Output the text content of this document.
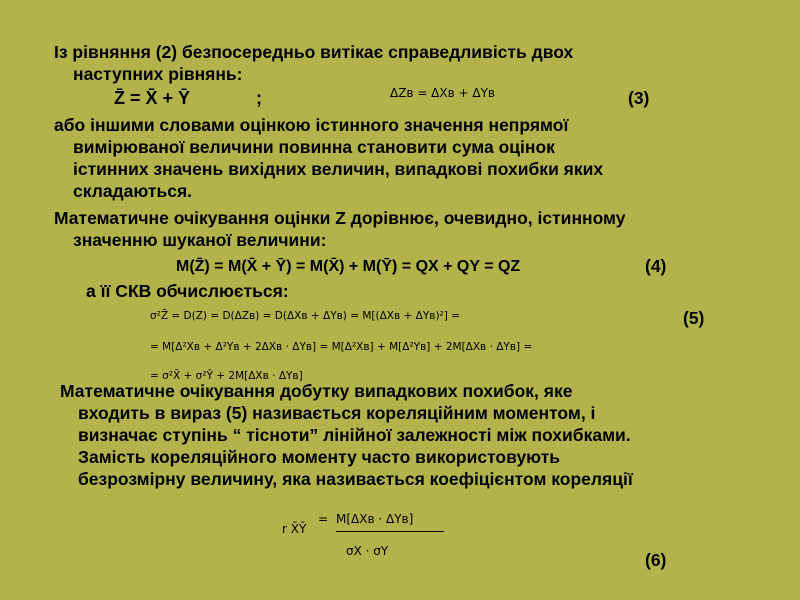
Із рівняння (2) безпосередньо витікає справедливість двох
наступних рівнянь:
Z̄ = X̄ + Ȳ	;	ΔZв = ΔXв + ΔYв	(3)
або іншими словами оцінкою істинного значення непрямої
вимірюваної величини повинна становити сума оцінок
істинних значень вихідних величин, випадкові похибки яких
складаються.
Математичне очікування оцінки Z дорівнює, очевидно, істинному
значенню шуканої величини:
M(Z̄) = M(X̄ + Ȳ) = M(X̄) + M(Ȳ) = QX + QY = QZ	(4)
а її СКВ обчислюється:
σ²Z̄ = D(Z) = D(ΔZв) = D(ΔXв + ΔYв) = M[(ΔXв + ΔYв)²] =	(5)
= M[Δ²Xв + Δ²Yв + 2ΔXв · ΔYв] = M[Δ²Xв] + M[Δ²Yв] + 2M[ΔXв · ΔYв] =
= σ²X̄ + σ²Ȳ + 2M[ΔXв · ΔYв]
Математичне очікування добутку випадкових похибок, яке
входить в вираз (5) називається кореляційним моментом, і
визначає ступінь “ тісноти” лінійної залежності між похибками.
Замість кореляційного моменту часто використовують
безрозмірну величину, яка називається коефіцієнтом кореляції
r X̄Ȳ
= M[ΔXв · ΔYв]
σX · σY	(6)
